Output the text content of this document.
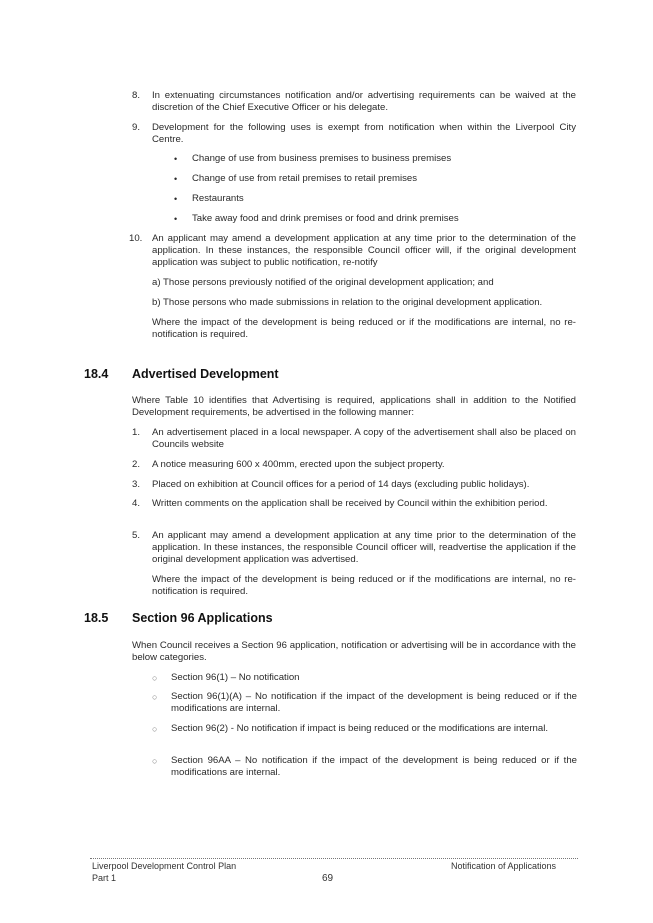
8. In extenuating circumstances notification and/or advertising requirements can be waived at the discretion of the Chief Executive Officer or his delegate.

9. Development for the following uses is exempt from notification when within the Liverpool City Centre.

• Change of use from business premises to business premises

• Change of use from retail premises to retail premises

• Restaurants

• Take away food and drink premises or food and drink premises

10. An applicant may amend a development application at any time prior to the determination of the application. In these instances, the responsible Council officer will, if the original development application was subject to public notification, re-notify

a) Those persons previously notified of the original development application; and

b) Those persons who made submissions in relation to the original development application.

Where the impact of the development is being reduced or if the modifications are internal, no re-notification is required.

18.4 Advertised Development

Where Table 10 identifies that Advertising is required, applications shall in addition to the Notified Development requirements, be advertised in the following manner:

1. An advertisement placed in a local newspaper. A copy of the advertisement shall also be placed on Councils website

2. A notice measuring 600 x 400mm, erected upon the subject property.

3. Placed on exhibition at Council offices for a period of 14 days (excluding public holidays).

4. Written comments on the application shall be received by Council within the exhibition period.

5. An applicant may amend a development application at any time prior to the determination of the application. In these instances, the responsible Council officer will, readvertise the application if the original development application was advertised.

Where the impact of the development is being reduced or if the modifications are internal, no re-notification is required.

18.5 Section 96 Applications

When Council receives a Section 96 application, notification or advertising will be in accordance with the below categories.

○ Section 96(1) – No notification

○ Section 96(1)(A) – No notification if the impact of the development is being reduced or if the modifications are internal.

○ Section 96(2) - No notification if impact is being reduced or the modifications are internal.

○ Section 96AA – No notification if the impact of the development is being reduced or if the modifications are internal.

Liverpool Development Control Plan
Part 1	69
Notification of Applications
